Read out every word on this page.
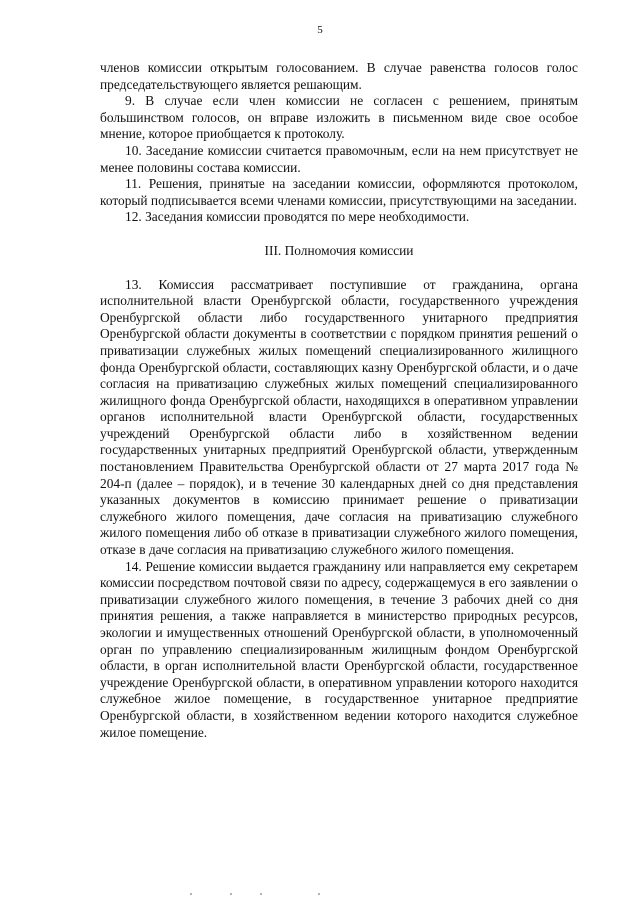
5

членов комиссии открытым голосованием. В случае равенства голосов голос председательствующего является решающим.

9. В случае если член комиссии не согласен с решением, принятым большинством голосов, он вправе изложить в письменном виде свое особое мнение, которое приобщается к протоколу.

10. Заседание комиссии считается правомочным, если на нем присутствует не менее половины состава комиссии.

11. Решения, принятые на заседании комиссии, оформляются протоколом, который подписывается всеми членами комиссии, присутствующими на заседании.

12. Заседания комиссии проводятся по мере необходимости.

III. Полномочия комиссии

13. Комиссия рассматривает поступившие от гражданина, органа исполнительной власти Оренбургской области, государственного учреждения Оренбургской области либо государственного унитарного предприятия Оренбургской области документы в соответствии с порядком принятия решений о приватизации служебных жилых помещений специализированного жилищного фонда Оренбургской области, составляющих казну Оренбургской области, и о даче согласия на приватизацию служебных жилых помещений специализированного жилищного фонда Оренбургской области, находящихся в оперативном управлении органов исполнительной власти Оренбургской области, государственных учреждений Оренбургской области либо в хозяйственном ведении государственных унитарных предприятий Оренбургской области, утвержденным постановлением Правительства Оренбургской области от 27 марта 2017 года № 204-п (далее – порядок), и в течение 30 календарных дней со дня представления указанных документов в комиссию принимает решение о приватизации служебного жилого помещения, даче согласия на приватизацию служебного жилого помещения либо об отказе в приватизации служебного жилого помещения, отказе в даче согласия на приватизацию служебного жилого помещения.

14. Решение комиссии выдается гражданину или направляется ему секретарем комиссии посредством почтовой связи по адресу, содержащемуся в его заявлении о приватизации служебного жилого помещения, в течение 3 рабочих дней со дня принятия решения, а также направляется в министерство природных ресурсов, экологии и имущественных отношений Оренбургской области, в уполномоченный орган по управлению специализированным жилищным фондом Оренбургской области, в орган исполнительной власти Оренбургской области, государственное учреждение Оренбургской области, в оперативном управлении которого находится служебное жилое помещение, в государственное унитарное предприятие Оренбургской области, в хозяйственном ведении которого находится служебное жилое помещение.
